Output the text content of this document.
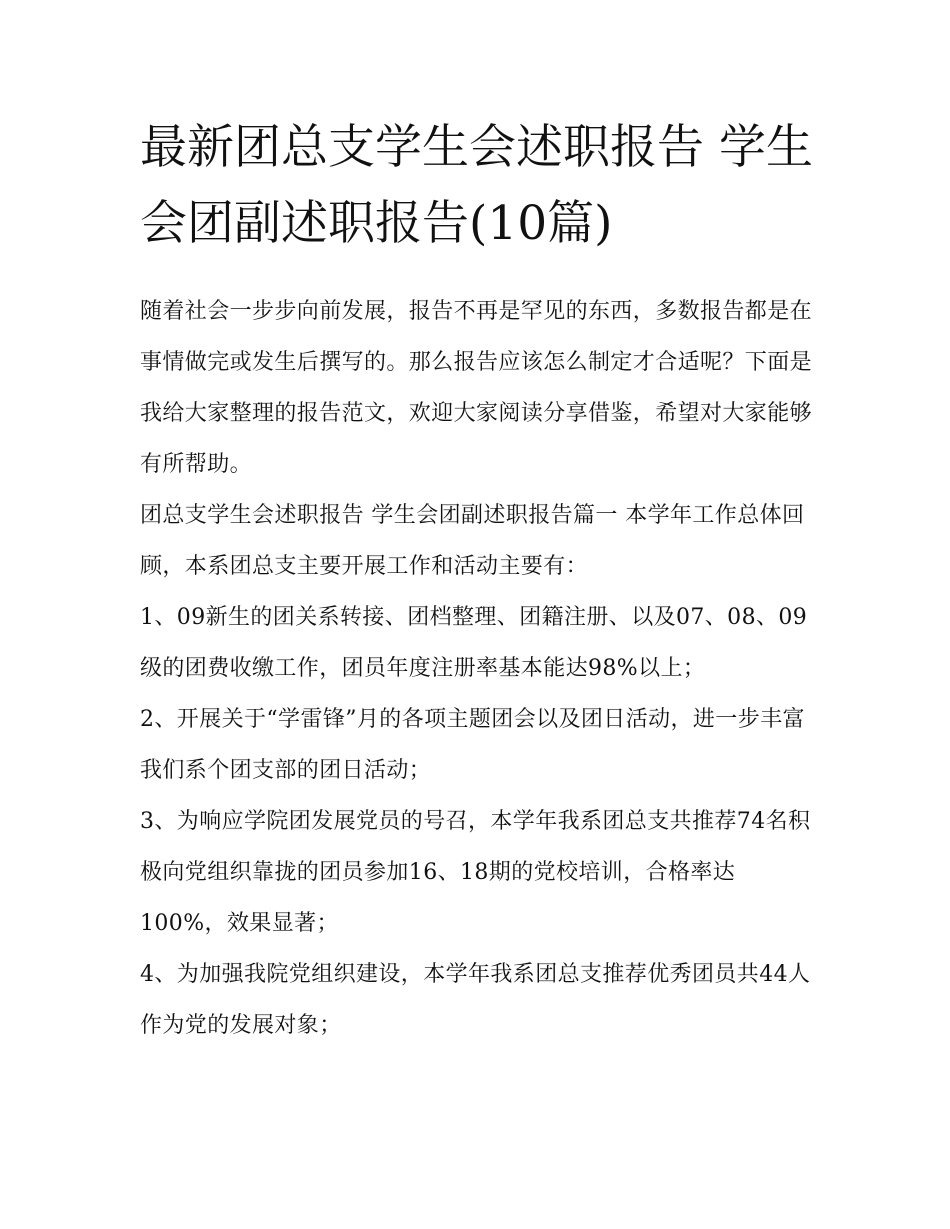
最新团总支学生会述职报告 学生会团副述职报告(10篇)

随着社会一步步向前发展，报告不再是罕见的东西，多数报告都是在事情做完或发生后撰写的。那么报告应该怎么制定才合适呢？下面是我给大家整理的报告范文，欢迎大家阅读分享借鉴，希望对大家能够有所帮助。

团总支学生会述职报告 学生会团副述职报告篇一 本学年工作总体回顾，本系团总支主要开展工作和活动主要有：

1、09新生的团关系转接、团档整理、团籍注册、以及07、08、09级的团费收缴工作，团员年度注册率基本能达98%以上；

2、开展关于“学雷锋”月的各项主题团会以及团日活动，进一步丰富我们系个团支部的团日活动；

3、为响应学院团发展党员的号召，本学年我系团总支共推荐74名积极向党组织靠拢的团员参加16、18期的党校培训，合格率达100%，效果显著；

4、为加强我院党组织建设，本学年我系团总支推荐优秀团员共44人作为党的发展对象；
